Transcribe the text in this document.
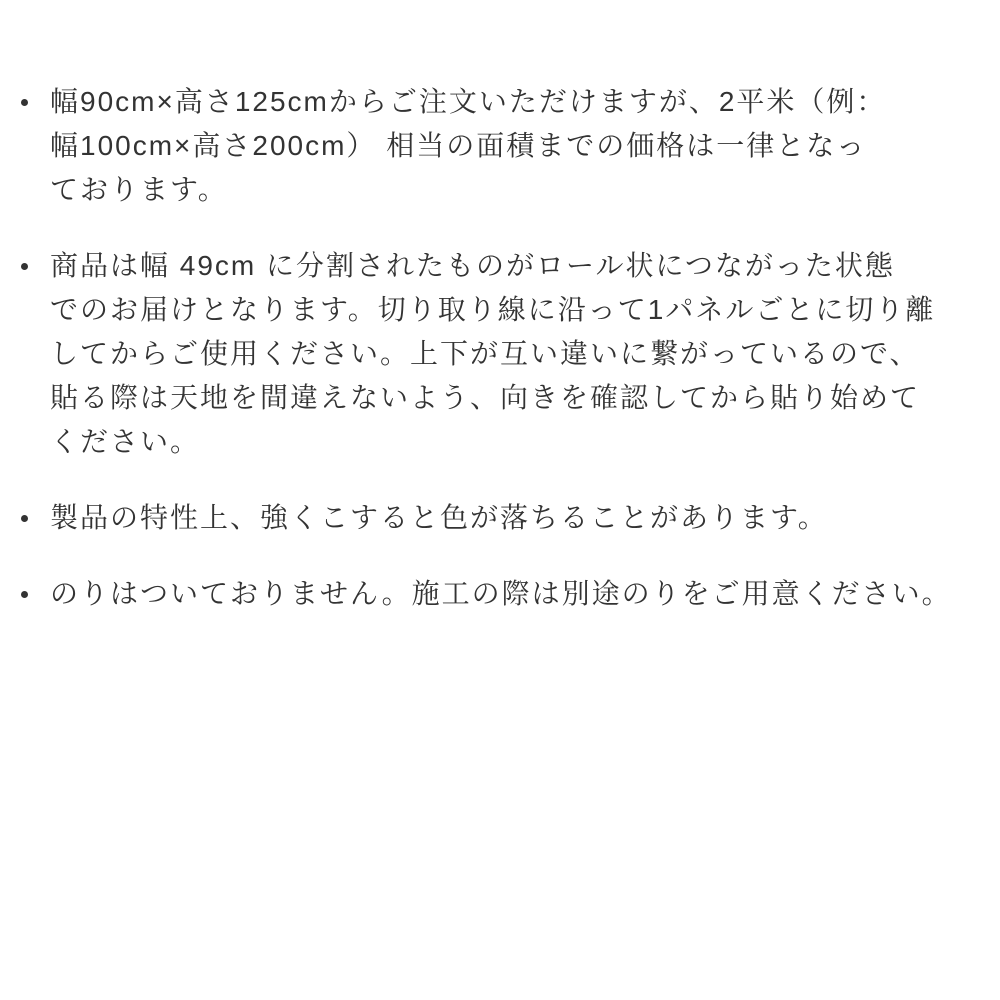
幅90cm×高さ125cmからご注文いただけますが、2平米（例：
幅100cm×高さ200cm） 相当の面積までの価格は一律となっ
ております。
商品は幅 49cm に分割されたものがロール状につながった状態
でのお届けとなります。切り取り線に沿って1パネルごとに切り離
してからご使用ください。上下が互い違いに繋がっているので、
貼る際は天地を間違えないよう、向きを確認してから貼り始めて
ください。
製品の特性上、強くこすると色が落ちることがあります。
のりはついておりません。施工の際は別途のりをご用意ください。
